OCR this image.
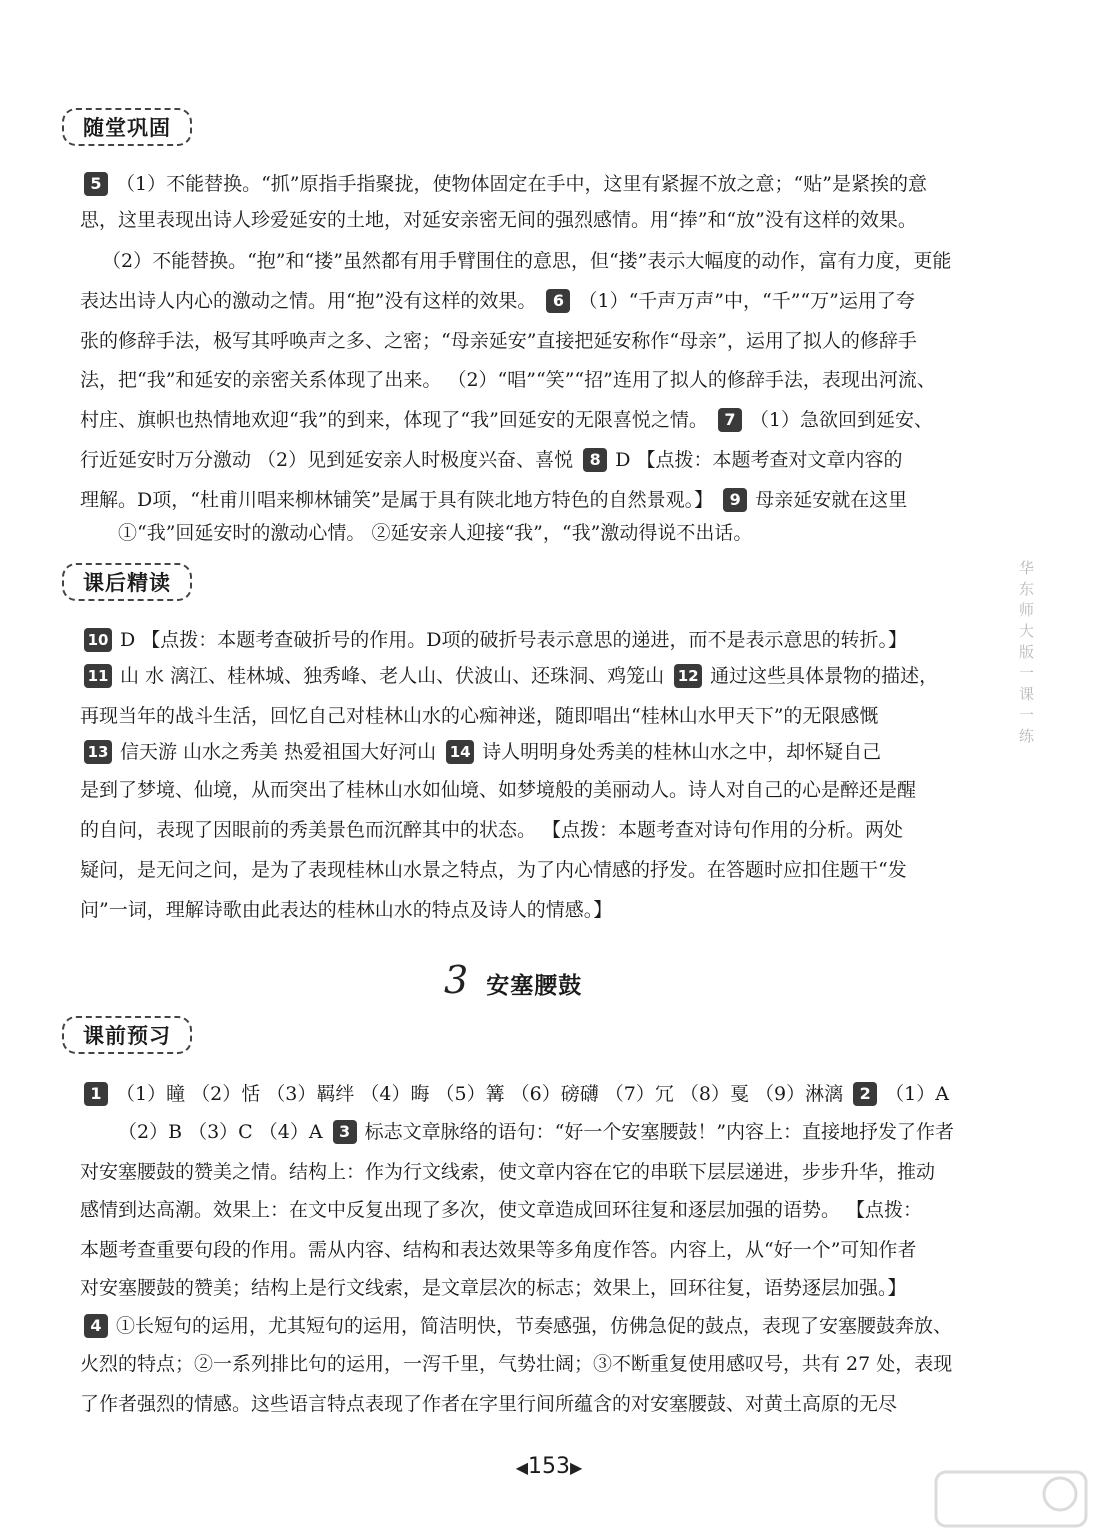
随堂巩固
5 （1）不能替换。“抓”原指手指聚拢，使物体固定在手中，这里有紧握不放之意；“贴”是紧挨的意
思，这里表现出诗人珍爱延安的土地，对延安亲密无间的强烈感情。用“捧”和“放”没有这样的效果。
（2）不能替换。“抱”和“搂”虽然都有用手臂围住的意思，但“搂”表示大幅度的动作，富有力度，更能
表达出诗人内心的激动之情。用“抱”没有这样的效果。 6 （1）“千声万声”中，“千”“万”运用了夸
张的修辞手法，极写其呼唤声之多、之密；“母亲延安”直接把延安称作“母亲”，运用了拟人的修辞手
法，把“我”和延安的亲密关系体现了出来。 （2）“唱”“笑”“招”连用了拟人的修辞手法，表现出河流、
村庄、旗帜也热情地欢迎“我”的到来，体现了“我”回延安的无限喜悦之情。 7 （1）急欲回到延安、
行近延安时万分激动 （2）见到延安亲人时极度兴奋、喜悦 8 D 【点拨：本题考查对文章内容的
理解。D项，“杜甫川唱来柳林铺笑”是属于具有陕北地方特色的自然景观。】 9 母亲延安就在这里
①“我”回延安时的激动心情。 ②延安亲人迎接“我”，“我”激动得说不出话。
课后精读
10 D 【点拨：本题考查破折号的作用。D项的破折号表示意思的递进，而不是表示意思的转折。】
11 山 水 漓江、桂林城、独秀峰、老人山、伏波山、还珠洞、鸡笼山 12 通过这些具体景物的描述，
再现当年的战斗生活，回忆自己对桂林山水的心痴神迷，随即唱出“桂林山水甲天下”的无限感慨
13 信天游 山水之秀美 热爱祖国大好河山 14 诗人明明身处秀美的桂林山水之中，却怀疑自己
是到了梦境、仙境，从而突出了桂林山水如仙境、如梦境般的美丽动人。诗人对自己的心是醉还是醒
的自问，表现了因眼前的秀美景色而沉醉其中的状态。 【点拨：本题考查对诗句作用的分析。两处
疑问，是无问之问，是为了表现桂林山水景之特点，为了内心情感的抒发。在答题时应扣住题干“发
问”一词，理解诗歌由此表达的桂林山水的特点及诗人的情感。】
3 安塞腰鼓
课前预习
1 （1）瞳 （2）恬 （3）羁绊 （4）晦 （5）篝 （6）磅礴 （7）冗 （8）戛 （9）淋漓 2 （1）A
（2）B （3）C （4）A 3 标志文章脉络的语句：“好一个安塞腰鼓！”内容上：直接地抒发了作者
对安塞腰鼓的赞美之情。结构上：作为行文线索，使文章内容在它的串联下层层递进，步步升华，推动
感情到达高潮。效果上：在文中反复出现了多次，使文章造成回环往复和逐层加强的语势。 【点拨：
本题考查重要句段的作用。需从内容、结构和表达效果等多角度作答。内容上，从“好一个”可知作者
对安塞腰鼓的赞美；结构上是行文线索，是文章层次的标志；效果上，回环往复，语势逐层加强。】
4 ①长短句的运用，尤其短句的运用，简洁明快，节奏感强，仿佛急促的鼓点，表现了安塞腰鼓奔放、
火烈的特点；②一系列排比句的运用，一泻千里，气势壮阔；③不断重复使用感叹号，共有 27 处，表现
了作者强烈的情感。这些语言特点表现了作者在字里行间所蕴含的对安塞腰鼓、对黄土高原的无尽
华东师大版一课一练
◀153▶
